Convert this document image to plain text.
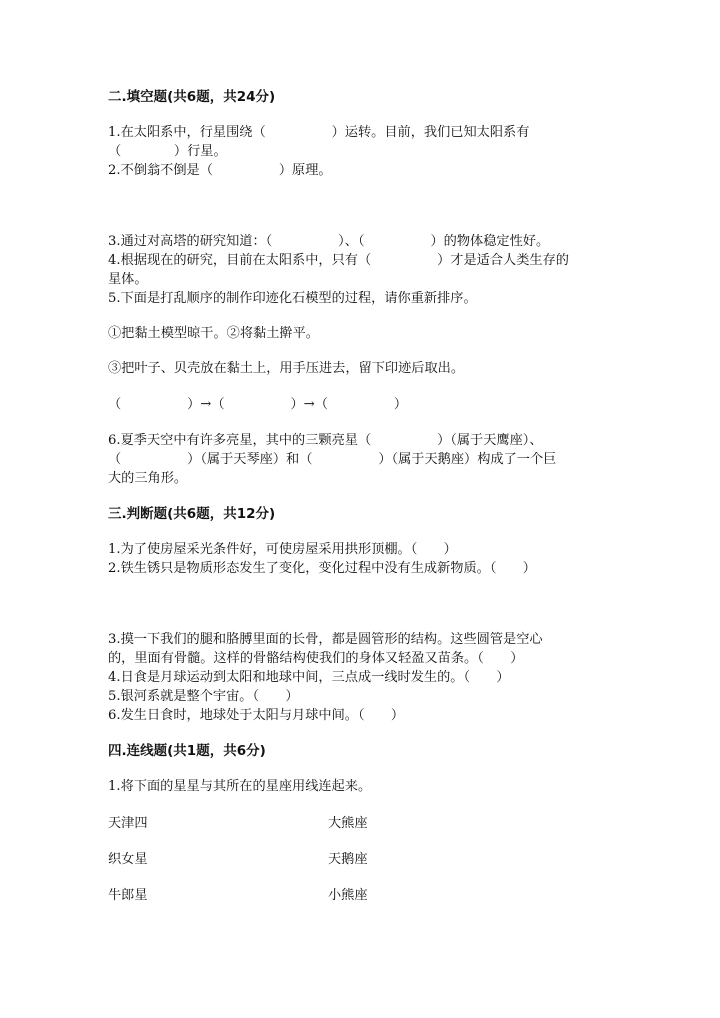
二.填空题(共6题，共24分)
1.在太阳系中，行星围绕（　　　　　）运转。目前，我们已知太阳系有
（　　　　）行星。
2.不倒翁不倒是（　　　　　）原理。
3.通过对高塔的研究知道：（　　　　　）、（　　　　　）的物体稳定性好。
4.根据现在的研究，目前在太阳系中，只有（　　　　　）才是适合人类生存的
星体。
5.下面是打乱顺序的制作印迹化石模型的过程，请你重新排序。
①把黏土模型晾干。②将黏土擀平。
③把叶子、贝壳放在黏土上，用手压进去，留下印迹后取出。
（　　　　　）→（　　　　　）→（　　　　　）
6.夏季天空中有许多亮星，其中的三颗亮星（　　　　　）（属于天鹰座）、
（　　　　　）（属于天琴座）和（　　　　　）（属于天鹅座）构成了一个巨
大的三角形。
三.判断题(共6题，共12分)
1.为了使房屋采光条件好，可使房屋采用拱形顶棚。（　　）
2.铁生锈只是物质形态发生了变化，变化过程中没有生成新物质。（　　）
3.摸一下我们的腿和胳膊里面的长骨，都是圆管形的结构。这些圆管是空心
的，里面有骨髓。这样的骨骼结构使我们的身体又轻盈又苗条。（　　）
4.日食是月球运动到太阳和地球中间，三点成一线时发生的。（　　）
5.银河系就是整个宇宙。（　　）
6.发生日食时，地球处于太阳与月球中间。（　　）
四.连线题(共1题，共6分)
1.将下面的星星与其所在的星座用线连起来。
天津四	大熊座
织女星	天鹅座
牛郎星	小熊座
